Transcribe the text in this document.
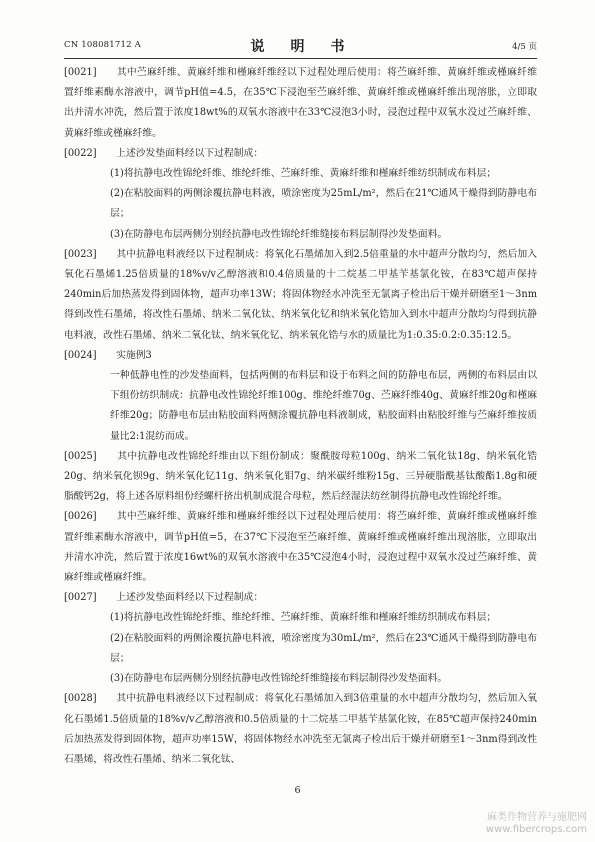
CN 108081712 A	说　明　书	4/5 页

[0021]　　 其中苎麻纤维、黄麻纤维和槿麻纤维经以下过程处理后使用：将苎麻纤维、黄麻纤维或槿麻纤维置纤维素酶水溶液中，调节pH值=4.5，在35℃下浸泡至苎麻纤维、黄麻纤维或槿麻纤维出现溶胀，立即取出并清水冲洗，然后置于浓度18wt%的双氧水溶液中在33℃浸泡3小时，浸泡过程中双氧水没过苎麻纤维、黄麻纤维或槿麻纤维。

[0022]　　 上述沙发垫面料经以下过程制成：

(1)将抗静电改性锦纶纤维、维纶纤维、苎麻纤维、黄麻纤维和槿麻纤维纺织制成布料层；

(2)在粘胶面料的两侧涂覆抗静电料液，喷涂密度为25mL/m²，然后在21℃通风干燥得到防静电布层；

(3)在防静电布层两侧分别经抗静电改性锦纶纤维缝接布料层制得沙发垫面料。

[0023]　　 其中抗静电料液经以下过程制成：将氧化石墨烯加入到2.5倍重量的水中超声分散均匀，然后加入氧化石墨烯1.25倍质量的18%v/v乙醇溶液和0.4倍质量的十二烷基二甲基苄基氯化铵，在83℃超声保持240min后加热蒸发得到固体物，超声功率13W；将固体物经水冲洗至无氯离子检出后干燥并研磨至1～3nm得到改性石墨烯，将改性石墨烯、纳米二氧化钛、纳米氧化钇和纳米氧化锆加入到水中超声分散均匀得到抗静电料液，改性石墨烯、纳米二氧化钛、纳米氧化钇、纳米氧化锆与水的质量比为1:0.35:0.2:0.35:12.5。

[0024]　　 实施例3

一种低静电性的沙发垫面料，包括两侧的布料层和设于布料之间的防静电布层，两侧的布料层由以下组份纺织制成：抗静电改性锦纶纤维100g、维纶纤维70g、苎麻纤维40g、黄麻纤维20g和槿麻纤维20g；防静电布层由粘胶面料两侧涂覆抗静电料液制成，粘胶面料由粘胶纤维与苎麻纤维按质量比2:1混纺而成。

[0025]　　 其中抗静电改性锦纶纤维由以下组份制成：聚酰胺母粒100g、纳米二氧化钛18g、纳米氧化锆20g、纳米氧化钡9g、纳米氧化钇11g、纳米氧化钼7g、纳米碳纤维粉15g、三异硬脂酰基钛酸酯1.8g和硬脂酸钙2g，将上述各原料组份经螺杆挤出机制成混合母粒，然后经湿法纺丝制得抗静电改性锦纶纤维。

[0026]　　 其中苎麻纤维、黄麻纤维和槿麻纤维经以下过程处理后使用：将苎麻纤维、黄麻纤维或槿麻纤维置纤维素酶水溶液中，调节pH值=5，在37℃下浸泡至苎麻纤维、黄麻纤维或槿麻纤维出现溶胀，立即取出并清水冲洗，然后置于浓度16wt%的双氧水溶液中在35℃浸泡4小时，浸泡过程中双氧水没过苎麻纤维、黄麻纤维或槿麻纤维。

[0027]　　 上述沙发垫面料经以下过程制成：

(1)将抗静电改性锦纶纤维、维纶纤维、苎麻纤维、黄麻纤维和槿麻纤维纺织制成布料层；

(2)在粘胶面料的两侧涂覆抗静电料液，喷涂密度为30mL/m²，然后在23℃通风干燥得到防静电布层；

(3)在防静电布层两侧分别经抗静电改性锦纶纤维缝接布料层制得沙发垫面料。

[0028]　　 其中抗静电料液经以下过程制成：将氧化石墨烯加入到3倍重量的水中超声分散均匀，然后加入氧化石墨烯1.5倍质量的18%v/v乙醇溶液和0.5倍质量的十二烷基二甲基苄基氯化铵，在85℃超声保持240min后加热蒸发得到固体物，超声功率15W，将固体物经水冲洗至无氯离子检出后干燥并研磨至1～3nm得到改性石墨烯，将改性石墨烯、纳米二氧化钛、

6
麻类作物营养与施肥网
www.fibercrops.com
